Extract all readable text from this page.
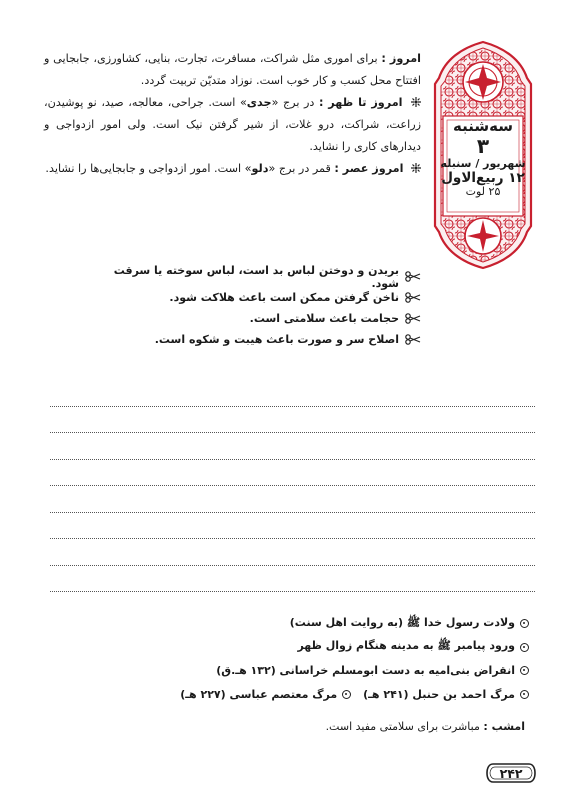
سه‌شنبه
۳
شهریور / سنبله
۱۲ ربیع‌الاول
۲۵ لوت

امروز : برای اموری مثل شراکت، مسافرت، تجارت، بنایی، کشاورزی، جابجایی و افتتاح محل کسب و کار خوب است. نوزاد متدیّن تربیت گردد.

امروز تا ظهر : در برج «جدی» است. جراحی، معالجه، صید، نو پوشیدن، زراعت، شراکت، درو غلات، از شیر گرفتن نیک است. ولی امور ازدواجی و دیدارهای کاری را نشاید.

امروز عصر : قمر در برج «دلو» است. امور ازدواجی و جابجایی‌ها را نشاید.

بریدن و دوختن لباس بد است، لباس سوخته یا سرقت شود.
ناخن گرفتن ممکن است باعث هلاکت شود.
حجامت باعث سلامتی است.
اصلاح سر و صورت باعث هیبت و شکوه است.
ولادت رسول خدا ﷺ (به روایت اهل سنت)
ورود پیامبر ﷺ به مدینه هنگام زوال ظهر
انقراض بنی‌امیه به دست ابومسلم خراسانی (۱۳۲ هـ.ق)
مرگ احمد بن حنبل (۲۴۱ هـ)
مرگ معتصم عباسی (۲۲۷ هـ)
امشب : مباشرت برای سلامتی مفید است.
۲۴۲
